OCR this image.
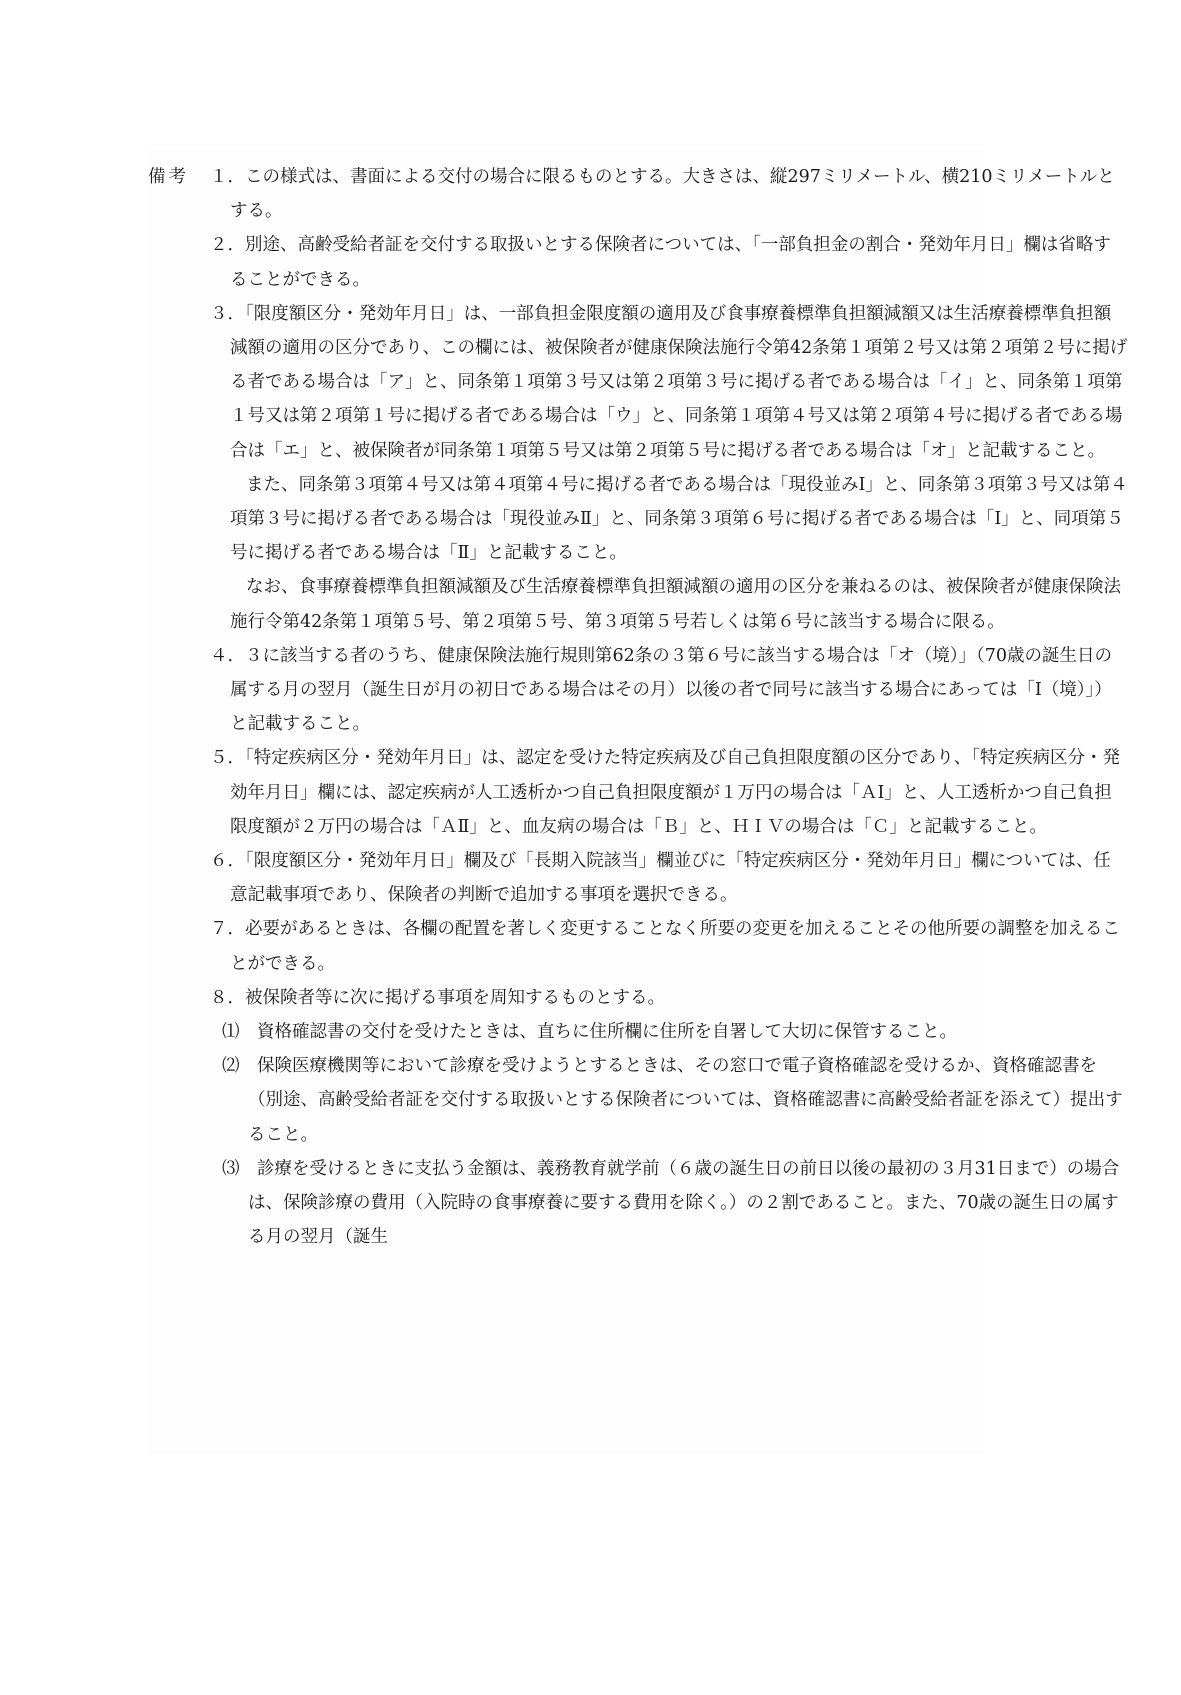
備考 １．この様式は、書面による交付の場合に限るものとする。大きさは、縦297ミリメートル、横210ミリメートルとする。

２．別途、高齢受給者証を交付する取扱いとする保険者については、「一部負担金の割合・発効年月日」欄は省略することができる。

３．「限度額区分・発効年月日」は、一部負担金限度額の適用及び食事療養標準負担額減額又は生活療養標準負担額減額の適用の区分であり、この欄には、被保険者が健康保険法施行令第42条第１項第２号又は第２項第２号に掲げる者である場合は「ア」と、同条第１項第３号又は第２項第３号に掲げる者である場合は「イ」と、同条第１項第１号又は第２項第１号に掲げる者である場合は「ウ」と、同条第１項第４号又は第２項第４号に掲げる者である場合は「エ」と、被保険者が同条第１項第５号又は第２項第５号に掲げる者である場合は「オ」と記載すること。

また、同条第３項第４号又は第４項第４号に掲げる者である場合は「現役並みⅠ」と、同条第３項第３号又は第４項第３号に掲げる者である場合は「現役並みⅡ」と、同条第３項第６号に掲げる者である場合は「Ⅰ」と、同項第５号に掲げる者である場合は「Ⅱ」と記載すること。

なお、食事療養標準負担額減額及び生活療養標準負担額減額の適用の区分を兼ねるのは、被保険者が健康保険法施行令第42条第１項第５号、第２項第５号、第３項第５号若しくは第６号に該当する場合に限る。

４．３に該当する者のうち、健康保険法施行規則第62条の３第６号に該当する場合は「オ（境）」（70歳の誕生日の属する月の翌月（誕生日が月の初日である場合はその月）以後の者で同号に該当する場合にあっては「Ⅰ（境）」）と記載すること。

５．「特定疾病区分・発効年月日」は、認定を受けた特定疾病及び自己負担限度額の区分であり、「特定疾病区分・発効年月日」欄には、認定疾病が人工透析かつ自己負担限度額が１万円の場合は「ＡⅠ」と、人工透析かつ自己負担限度額が２万円の場合は「ＡⅡ」と、血友病の場合は「Ｂ」と、ＨＩＶの場合は「Ｃ」と記載すること。

６．「限度額区分・発効年月日」欄及び「長期入院該当」欄並びに「特定疾病区分・発効年月日」欄については、任意記載事項であり、保険者の判断で追加する事項を選択できる。

７．必要があるときは、各欄の配置を著しく変更することなく所要の変更を加えることその他所要の調整を加えることができる。

８．被保険者等に次に掲げる事項を周知するものとする。

⑴　 資格確認書の交付を受けたときは、直ちに住所欄に住所を自署して大切に保管すること。

⑵　 保険医療機関等において診療を受けようとするときは、その窓口で電子資格確認を受けるか、資格確認書を（別途、高齢受給者証を交付する取扱いとする保険者については、資格確認書に高齢受給者証を添えて）提出すること。

⑶　 診療を受けるときに支払う金額は、義務教育就学前（６歳の誕生日の前日以後の最初の３月31日まで）の場合は、保険診療の費用（入院時の食事療養に要する費用を除く。）の２割であること。また、70歳の誕生日の属する月の翌月（誕生
